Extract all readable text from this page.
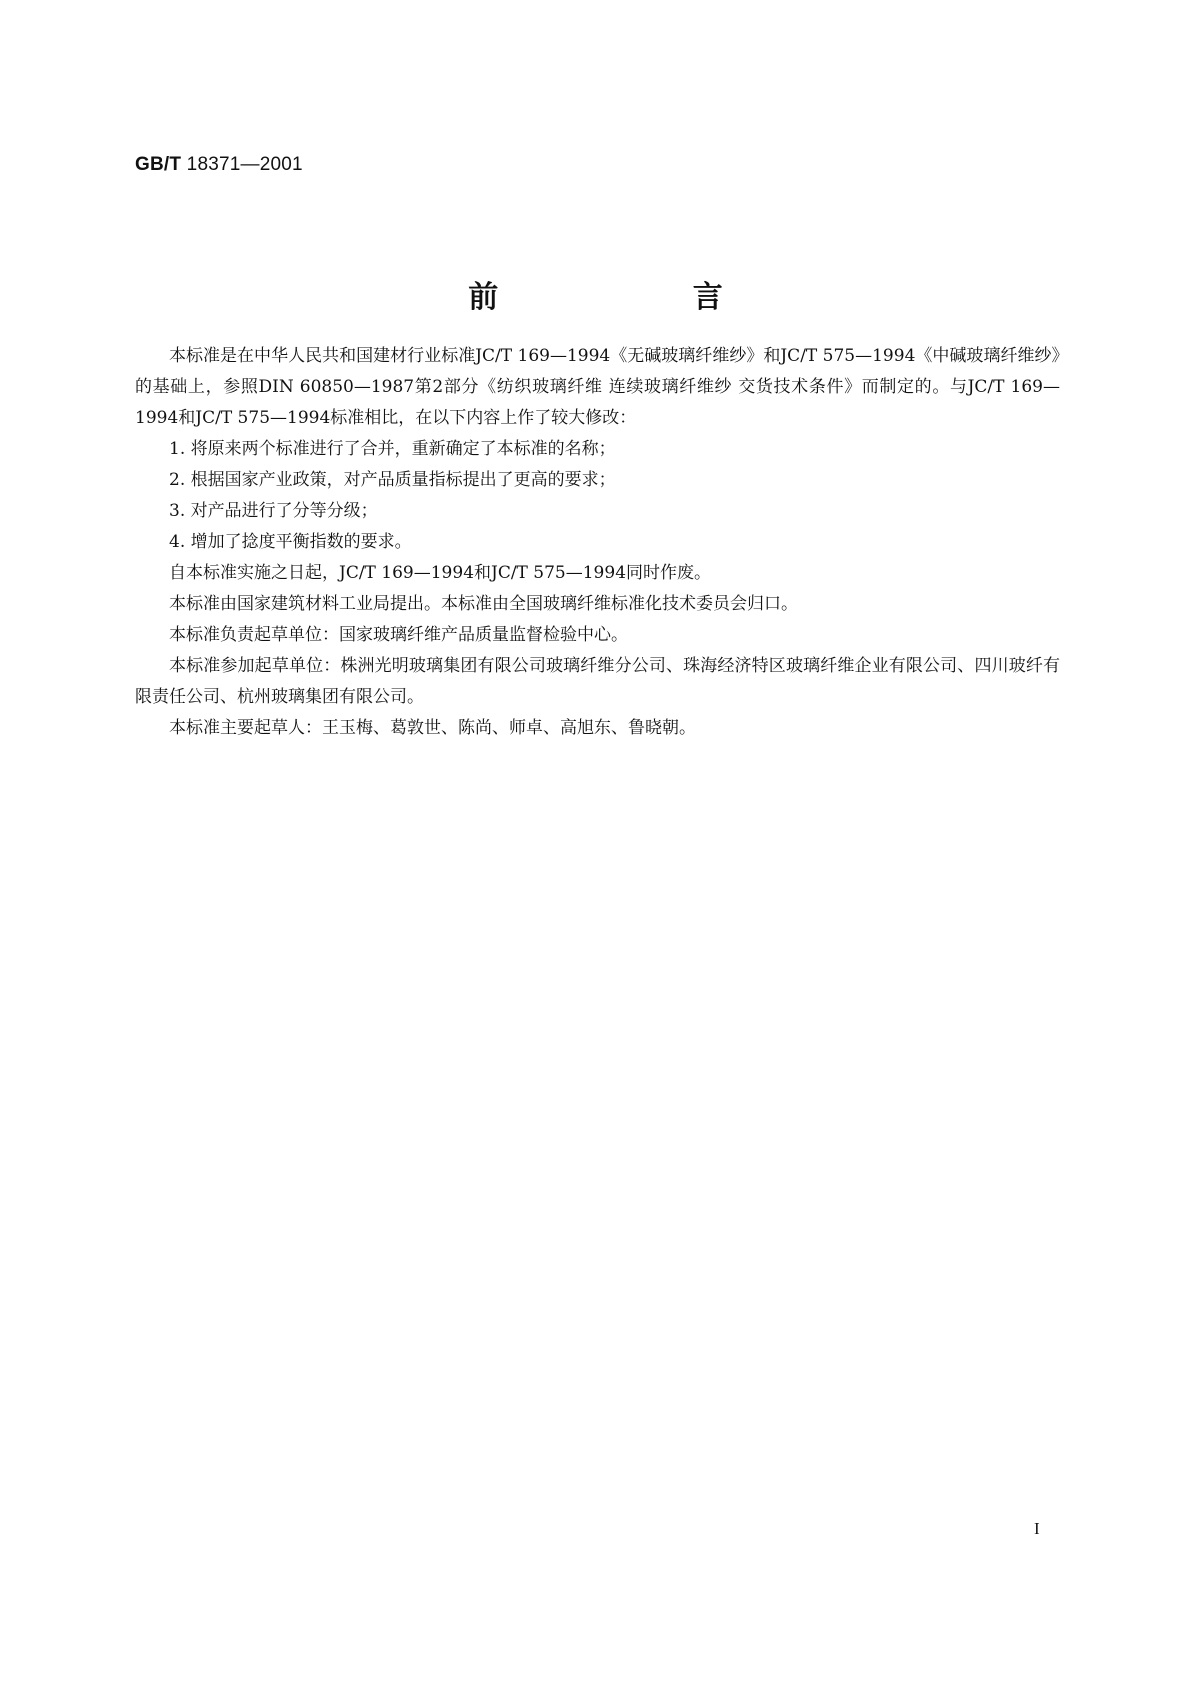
GB/T 18371—2001
前 言

本标准是在中华人民共和国建材行业标准JC/T 169—1994《无碱玻璃纤维纱》和JC/T 575—1994《中碱玻璃纤维纱》的基础上，参照DIN 60850—1987第2部分《纺织玻璃纤维 连续玻璃纤维纱 交货技术条件》而制定的。与JC/T 169—1994和JC/T 575—1994标准相比，在以下内容上作了较大修改：

1. 将原来两个标准进行了合并，重新确定了本标准的名称；

2. 根据国家产业政策，对产品质量指标提出了更高的要求；

3. 对产品进行了分等分级；

4. 增加了捻度平衡指数的要求。

自本标准实施之日起，JC/T 169—1994和JC/T 575—1994同时作废。

本标准由国家建筑材料工业局提出。本标准由全国玻璃纤维标准化技术委员会归口。

本标准负责起草单位：国家玻璃纤维产品质量监督检验中心。

本标准参加起草单位：株洲光明玻璃集团有限公司玻璃纤维分公司、珠海经济特区玻璃纤维企业有限公司、四川玻纤有限责任公司、杭州玻璃集团有限公司。

本标准主要起草人：王玉梅、葛敦世、陈尚、师卓、高旭东、鲁晓朝。

I
